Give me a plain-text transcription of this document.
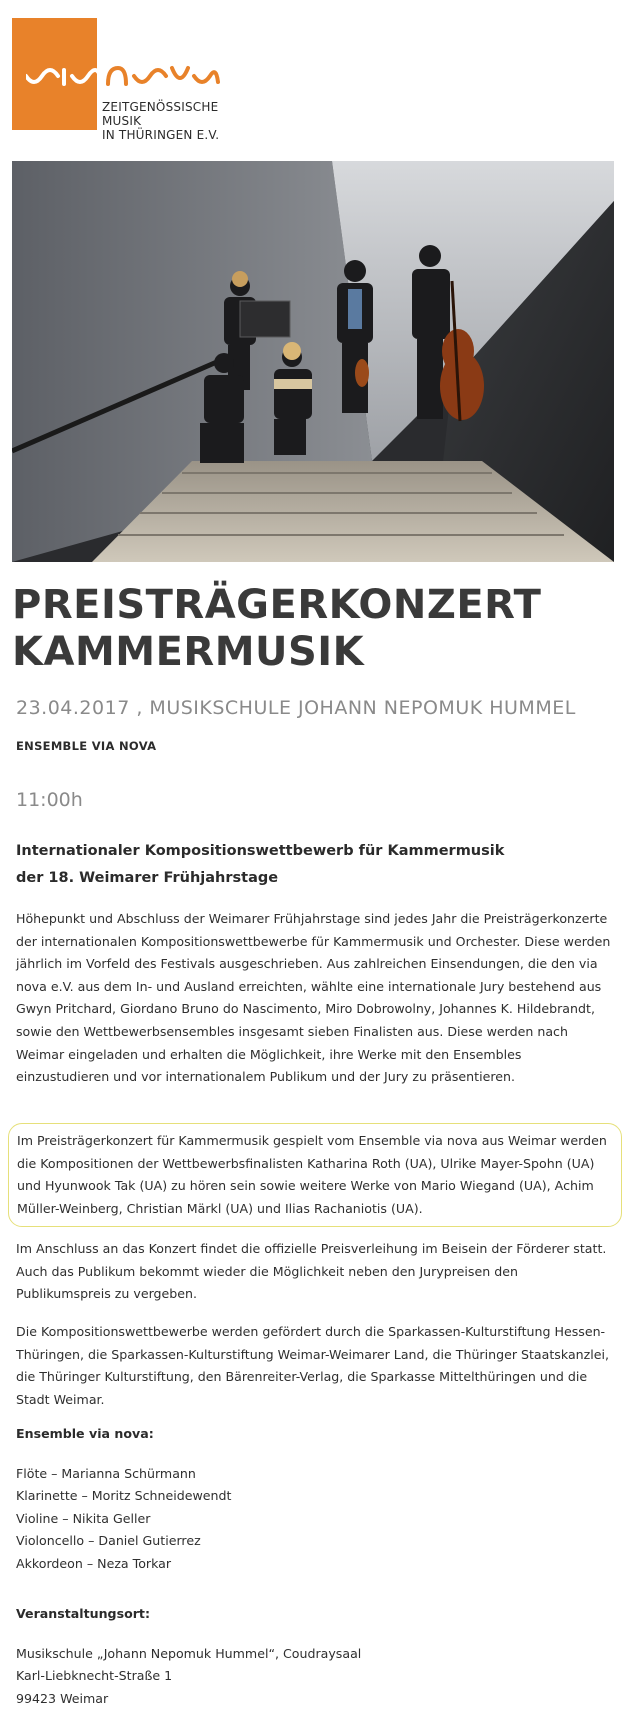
ZEITGENÖSSISCHE MUSIK
IN THÜRINGEN E.V.
PREISTRÄGERKONZERT
KAMMERMUSIK
23.04.2017 , MUSIKSCHULE JOHANN NEPOMUK HUMMEL
ENSEMBLE VIA NOVA
11:00h
Internationaler Kompositionswettbewerb für Kammermusik
der 18. Weimarer Frühjahrstage

Höhepunkt und Abschluss der Weimarer Frühjahrstage sind jedes Jahr die Preisträgerkonzerte der internationalen Kompositionswettbewerbe für Kammermusik und Orchester. Diese werden jährlich im Vorfeld des Festivals ausgeschrieben. Aus zahlreichen Einsendungen, die den via nova e.V. aus dem In- und Ausland erreichten, wählte eine internationale Jury bestehend aus Gwyn Pritchard, Giordano Bruno do Nascimento, Miro Dobrowolny, Johannes K. Hildebrandt, sowie den Wettbewerbsensembles insgesamt sieben Finalisten aus. Diese werden nach Weimar eingeladen und erhalten die Möglichkeit, ihre Werke mit den Ensembles einzustudieren und vor internationalem Publikum und der Jury zu präsentieren.

Im Preisträgerkonzert für Kammermusik gespielt vom Ensemble via nova aus Weimar werden die Kompositionen der Wettbewerbsfinalisten Katharina Roth (UA), Ulrike Mayer-Spohn (UA) und Hyunwook Tak (UA) zu hören sein sowie weitere Werke von Mario Wiegand (UA), Achim Müller-Weinberg, Christian Märkl (UA) und Ilias Rachaniotis (UA).

Im Anschluss an das Konzert findet die offizielle Preisverleihung im Beisein der Förderer statt. Auch das Publikum bekommt wieder die Möglichkeit neben den Jurypreisen den Publikumspreis zu vergeben.

Die Kompositionswettbewerbe werden gefördert durch die Sparkassen-Kulturstiftung Hessen-Thüringen, die Sparkassen-Kulturstiftung Weimar-Weimarer Land, die Thüringer Staatskanzlei, die Thüringer Kulturstiftung, den Bärenreiter-Verlag, die Sparkasse Mittelthüringen und die Stadt Weimar.

Ensemble via nova:
Flöte – Marianna Schürmann
Klarinette – Moritz Schneidewendt
Violine – Nikita Geller
Violoncello – Daniel Gutierrez
Akkordeon – Neza Torkar
Veranstaltungsort:
Musikschule „Johann Nepomuk Hummel“, Coudraysaal
Karl-Liebknecht-Straße 1
99423 Weimar
